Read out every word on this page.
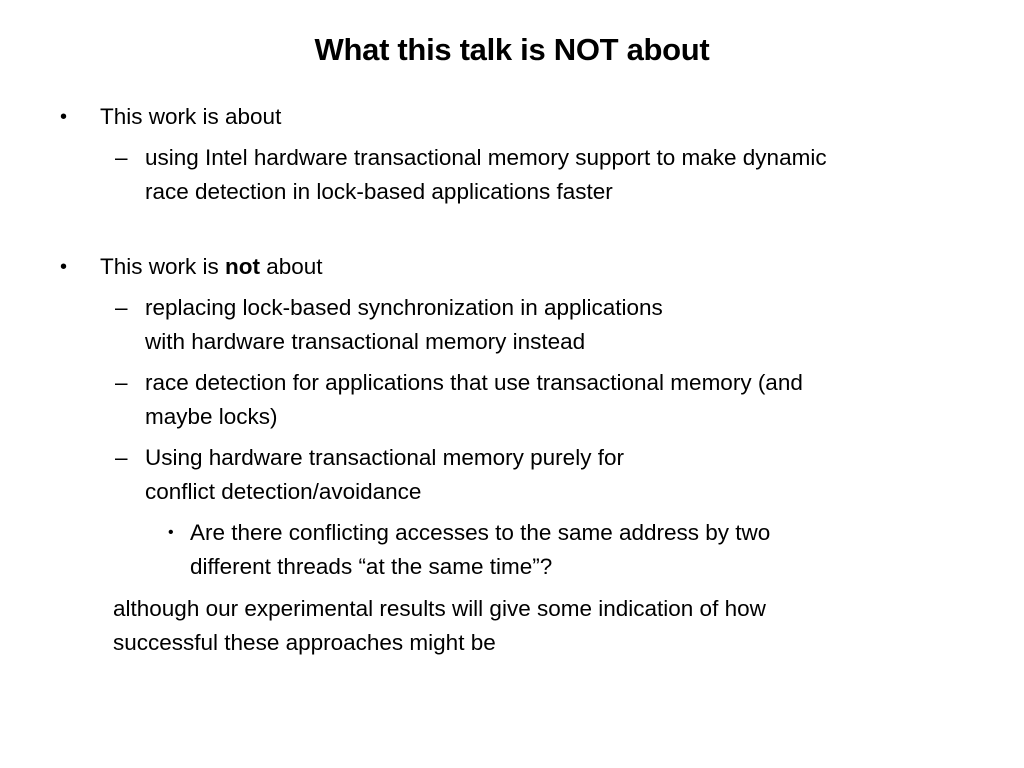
What this talk is NOT about
• This work is about
– using Intel hardware transactional memory support to make dynamic
race detection in lock-based applications faster
• This work is not about
– replacing lock-based synchronization in applications
with hardware transactional memory instead
– race detection for applications that use transactional memory (and
maybe locks)
– Using hardware transactional memory purely for
conflict detection/avoidance
• Are there conflicting accesses to the same address by two
different threads “at the same time”?
although our experimental results will give some indication of how
successful these approaches might be
